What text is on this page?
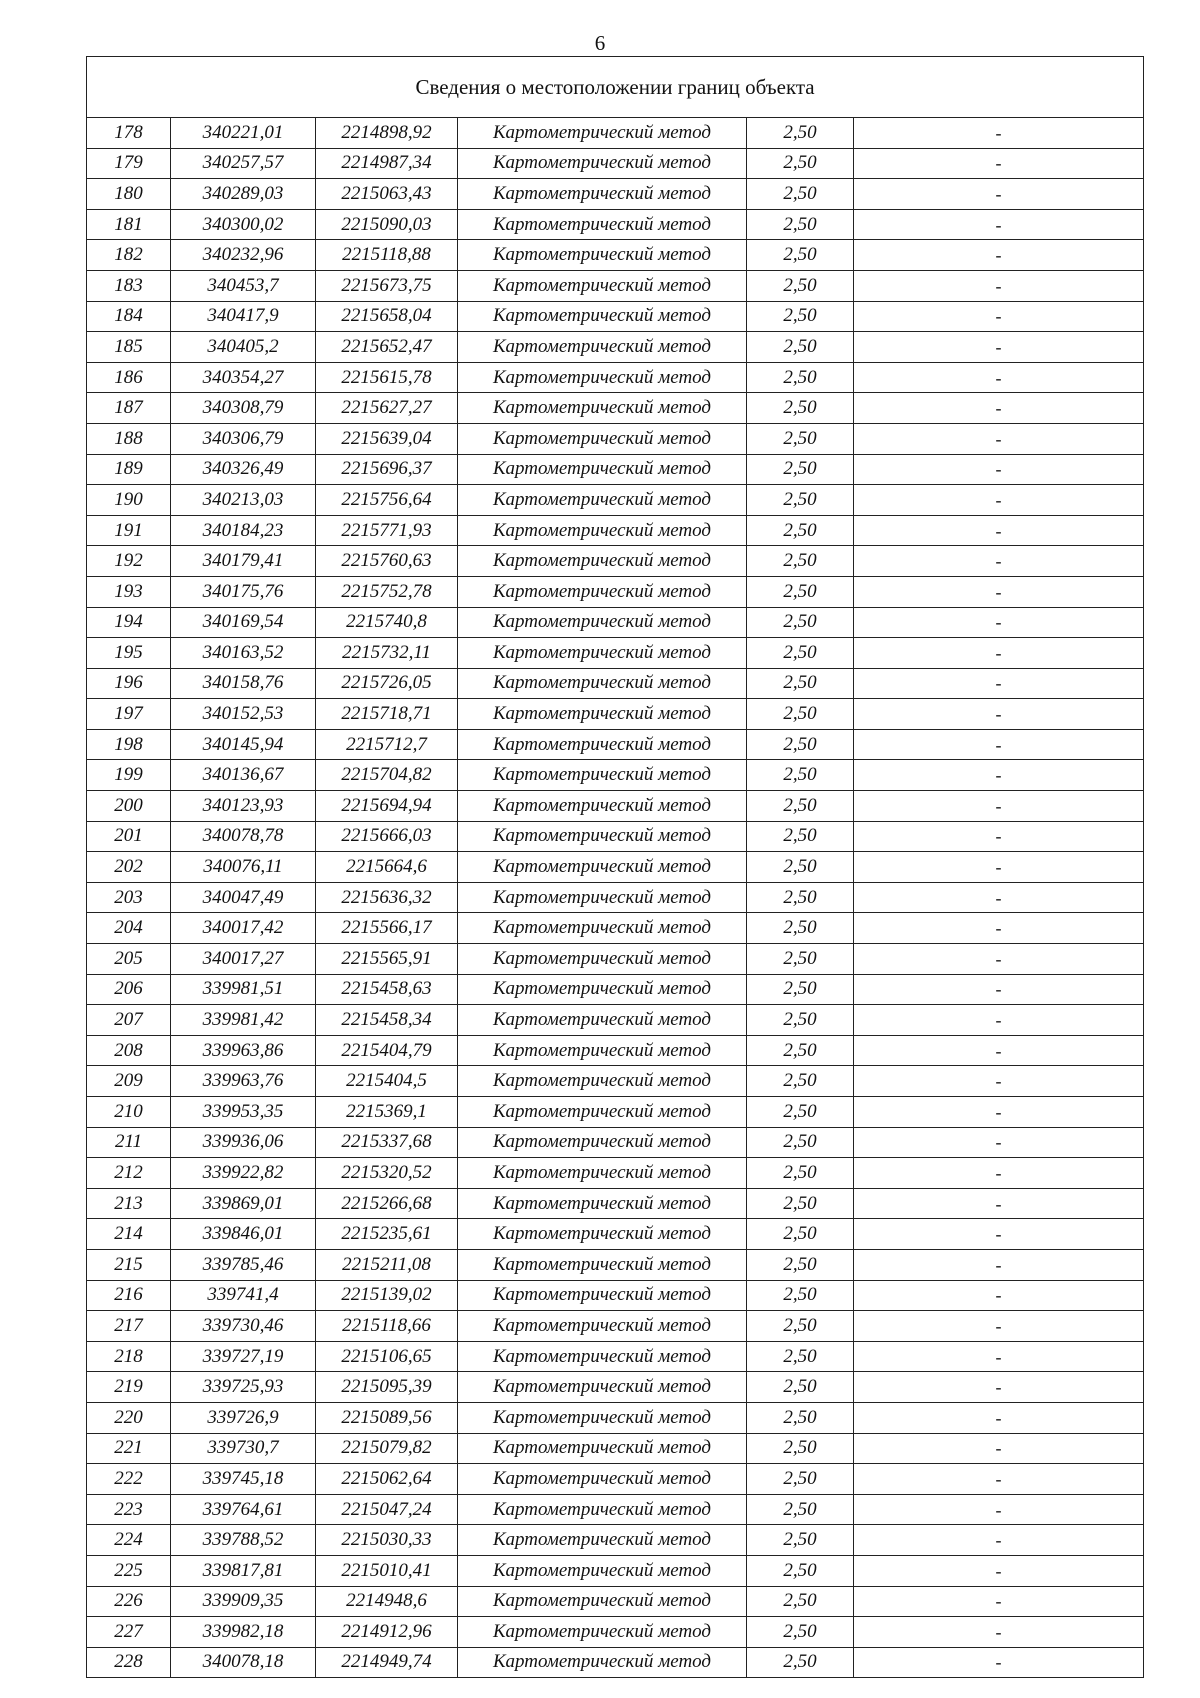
6
Сведения о местоположении границ объекта					
178	340221,01	2214898,92	Картометрический метод	2,50	-
179	340257,57	2214987,34	Картометрический метод	2,50	-
180	340289,03	2215063,43	Картометрический метод	2,50	-
181	340300,02	2215090,03	Картометрический метод	2,50	-
182	340232,96	2215118,88	Картометрический метод	2,50	-
183	340453,7	2215673,75	Картометрический метод	2,50	-
184	340417,9	2215658,04	Картометрический метод	2,50	-
185	340405,2	2215652,47	Картометрический метод	2,50	-
186	340354,27	2215615,78	Картометрический метод	2,50	-
187	340308,79	2215627,27	Картометрический метод	2,50	-
188	340306,79	2215639,04	Картометрический метод	2,50	-
189	340326,49	2215696,37	Картометрический метод	2,50	-
190	340213,03	2215756,64	Картометрический метод	2,50	-
191	340184,23	2215771,93	Картометрический метод	2,50	-
192	340179,41	2215760,63	Картометрический метод	2,50	-
193	340175,76	2215752,78	Картометрический метод	2,50	-
194	340169,54	2215740,8	Картометрический метод	2,50	-
195	340163,52	2215732,11	Картометрический метод	2,50	-
196	340158,76	2215726,05	Картометрический метод	2,50	-
197	340152,53	2215718,71	Картометрический метод	2,50	-
198	340145,94	2215712,7	Картометрический метод	2,50	-
199	340136,67	2215704,82	Картометрический метод	2,50	-
200	340123,93	2215694,94	Картометрический метод	2,50	-
201	340078,78	2215666,03	Картометрический метод	2,50	-
202	340076,11	2215664,6	Картометрический метод	2,50	-
203	340047,49	2215636,32	Картометрический метод	2,50	-
204	340017,42	2215566,17	Картометрический метод	2,50	-
205	340017,27	2215565,91	Картометрический метод	2,50	-
206	339981,51	2215458,63	Картометрический метод	2,50	-
207	339981,42	2215458,34	Картометрический метод	2,50	-
208	339963,86	2215404,79	Картометрический метод	2,50	-
209	339963,76	2215404,5	Картометрический метод	2,50	-
210	339953,35	2215369,1	Картометрический метод	2,50	-
211	339936,06	2215337,68	Картометрический метод	2,50	-
212	339922,82	2215320,52	Картометрический метод	2,50	-
213	339869,01	2215266,68	Картометрический метод	2,50	-
214	339846,01	2215235,61	Картометрический метод	2,50	-
215	339785,46	2215211,08	Картометрический метод	2,50	-
216	339741,4	2215139,02	Картометрический метод	2,50	-
217	339730,46	2215118,66	Картометрический метод	2,50	-
218	339727,19	2215106,65	Картометрический метод	2,50	-
219	339725,93	2215095,39	Картометрический метод	2,50	-
220	339726,9	2215089,56	Картометрический метод	2,50	-
221	339730,7	2215079,82	Картометрический метод	2,50	-
222	339745,18	2215062,64	Картометрический метод	2,50	-
223	339764,61	2215047,24	Картометрический метод	2,50	-
224	339788,52	2215030,33	Картометрический метод	2,50	-
225	339817,81	2215010,41	Картометрический метод	2,50	-
226	339909,35	2214948,6	Картометрический метод	2,50	-
227	339982,18	2214912,96	Картометрический метод	2,50	-
228	340078,18	2214949,74	Картометрический метод	2,50	-
